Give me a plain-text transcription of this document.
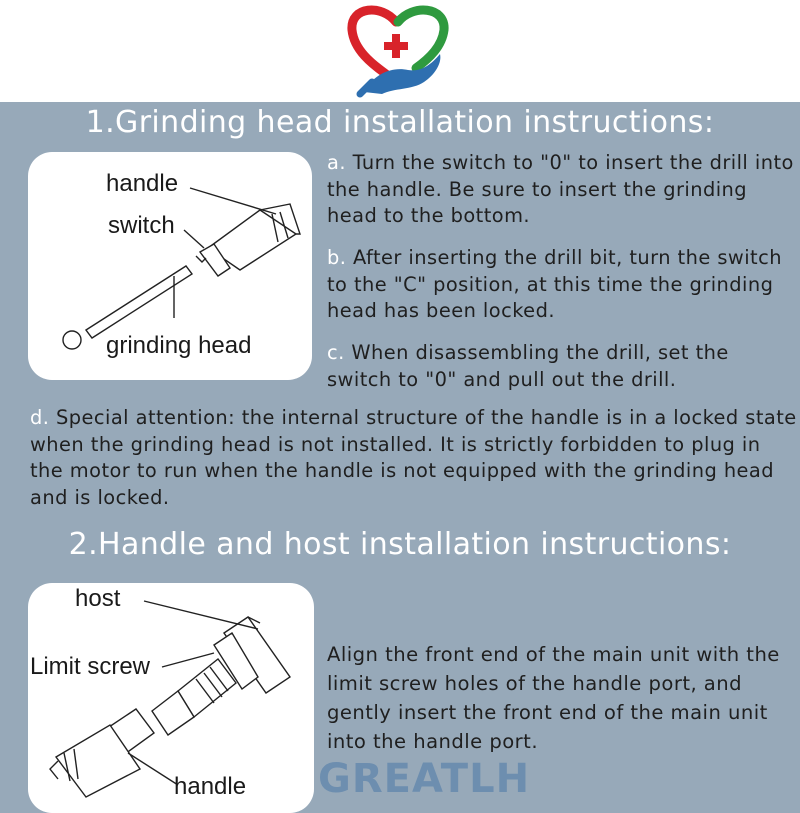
1.Grinding head installation instructions:
handle
switch
grinding head
a. Turn the switch to "0" to insert the drill into the handle. Be sure to insert the grinding head to the bottom.
b. After inserting the drill bit, turn the switch to the "C" position, at this time the grinding head has been locked.
c. When disassembling the drill, set the switch to "0" and pull out the drill.
d. Special attention: the internal structure of the handle is in a locked state when the grinding head is not installed. It is strictly forbidden to plug in the motor to run when the handle is not equipped with the grinding head and is locked.
2.Handle and host installation instructions:
host
Limit screw
handle
Align the front end of the main unit with the limit screw holes of the handle port, and gently insert the front end of the main unit into the handle port.
GREATLH
